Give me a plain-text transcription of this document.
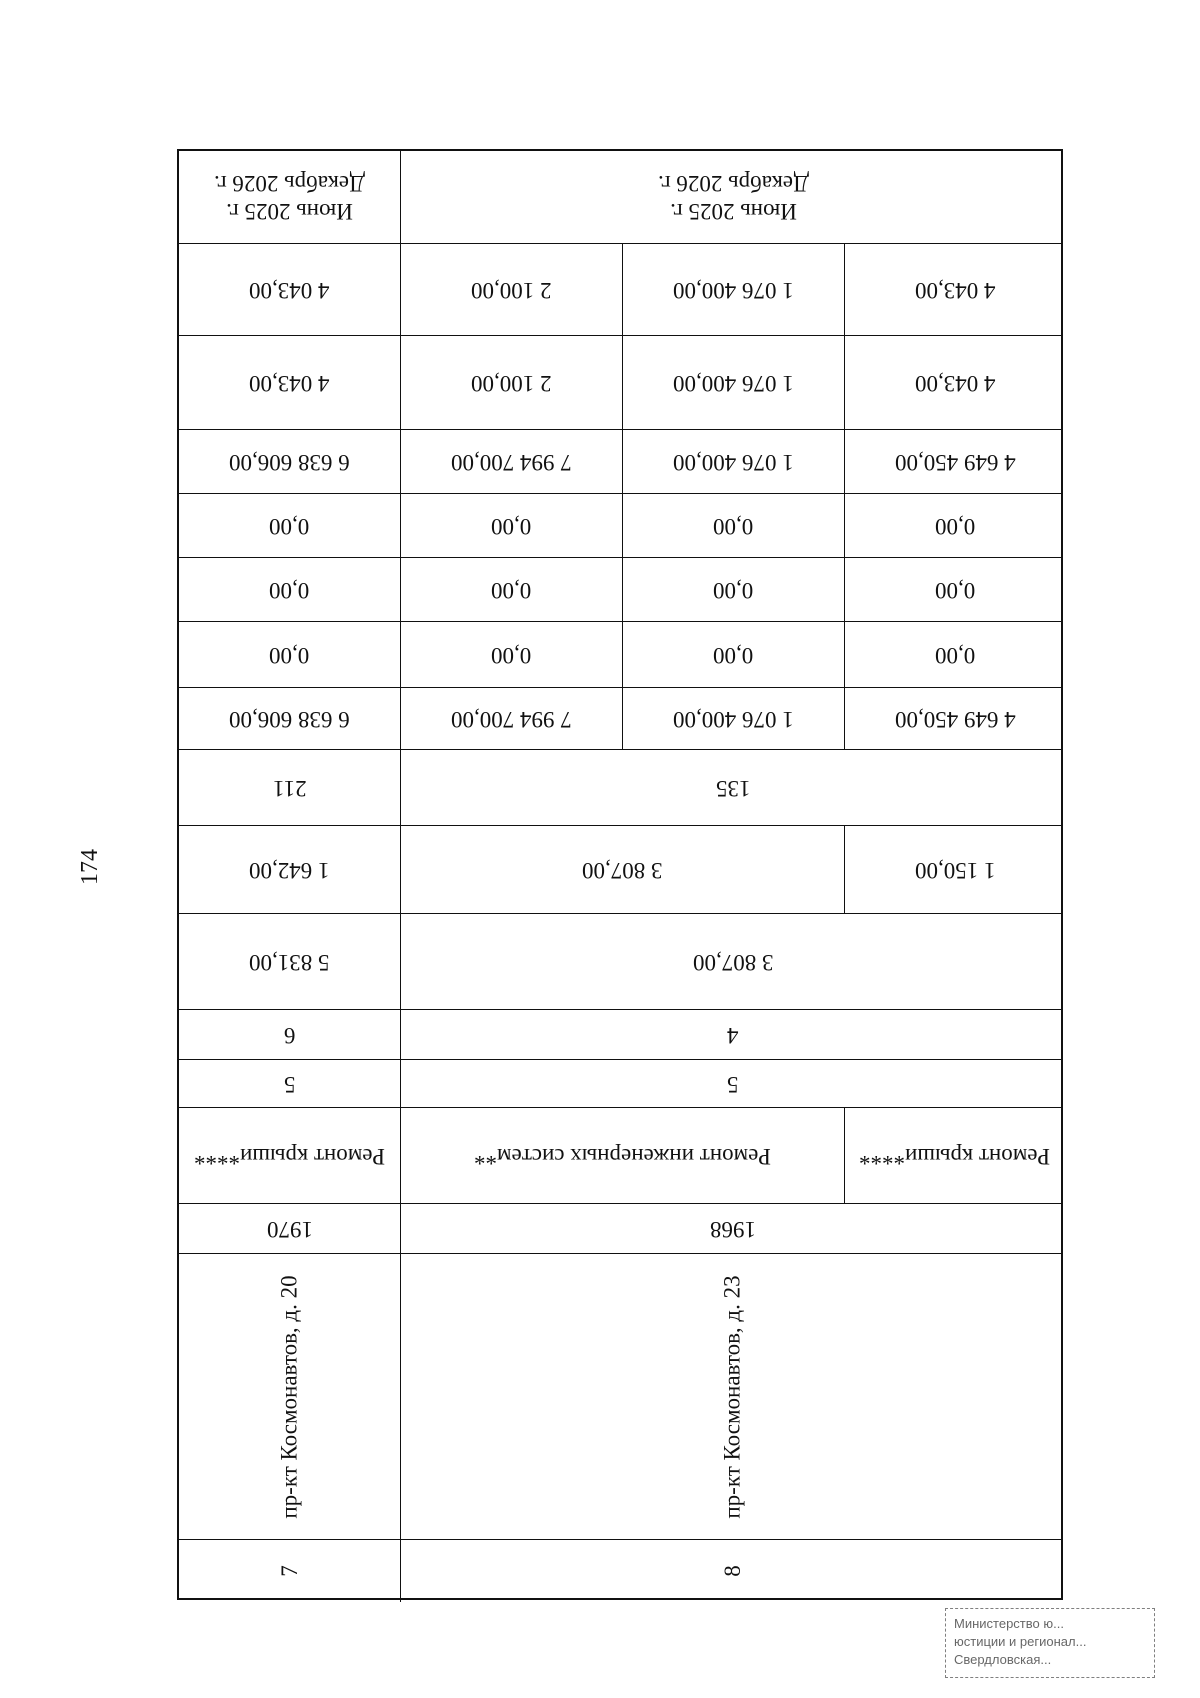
174
Июнь 2025 г.
Декабрь 2026 г.
Июнь 2025 г.
Декабрь 2026 г.
4 043,00	2 100,00	1 076 400,00	4 043,00
4 043,00	2 100,00	1 076 400,00	4 043,00
6 638 606,00	7 994 700,00	1 076 400,00	4 649 450,00
0,00	0,00	0,00	0,00
0,00	0,00	0,00	0,00
0,00	0,00	0,00	0,00
6 638 606,00	7 994 700,00	1 076 400,00	4 649 450,00
211	135
1 642,00	3 807,00	1 150,00
5 831,00	3 807,00
6	4
5	5
Ремонт крыши****	Ремонт инженерных систем**	Ремонт крыши****
1970	1968
пр-кт Космонавтов, д. 20	пр-кт Космонавтов, д. 23
7	8
Министерство ю...
юстиции и регионал...
Свердловская...
